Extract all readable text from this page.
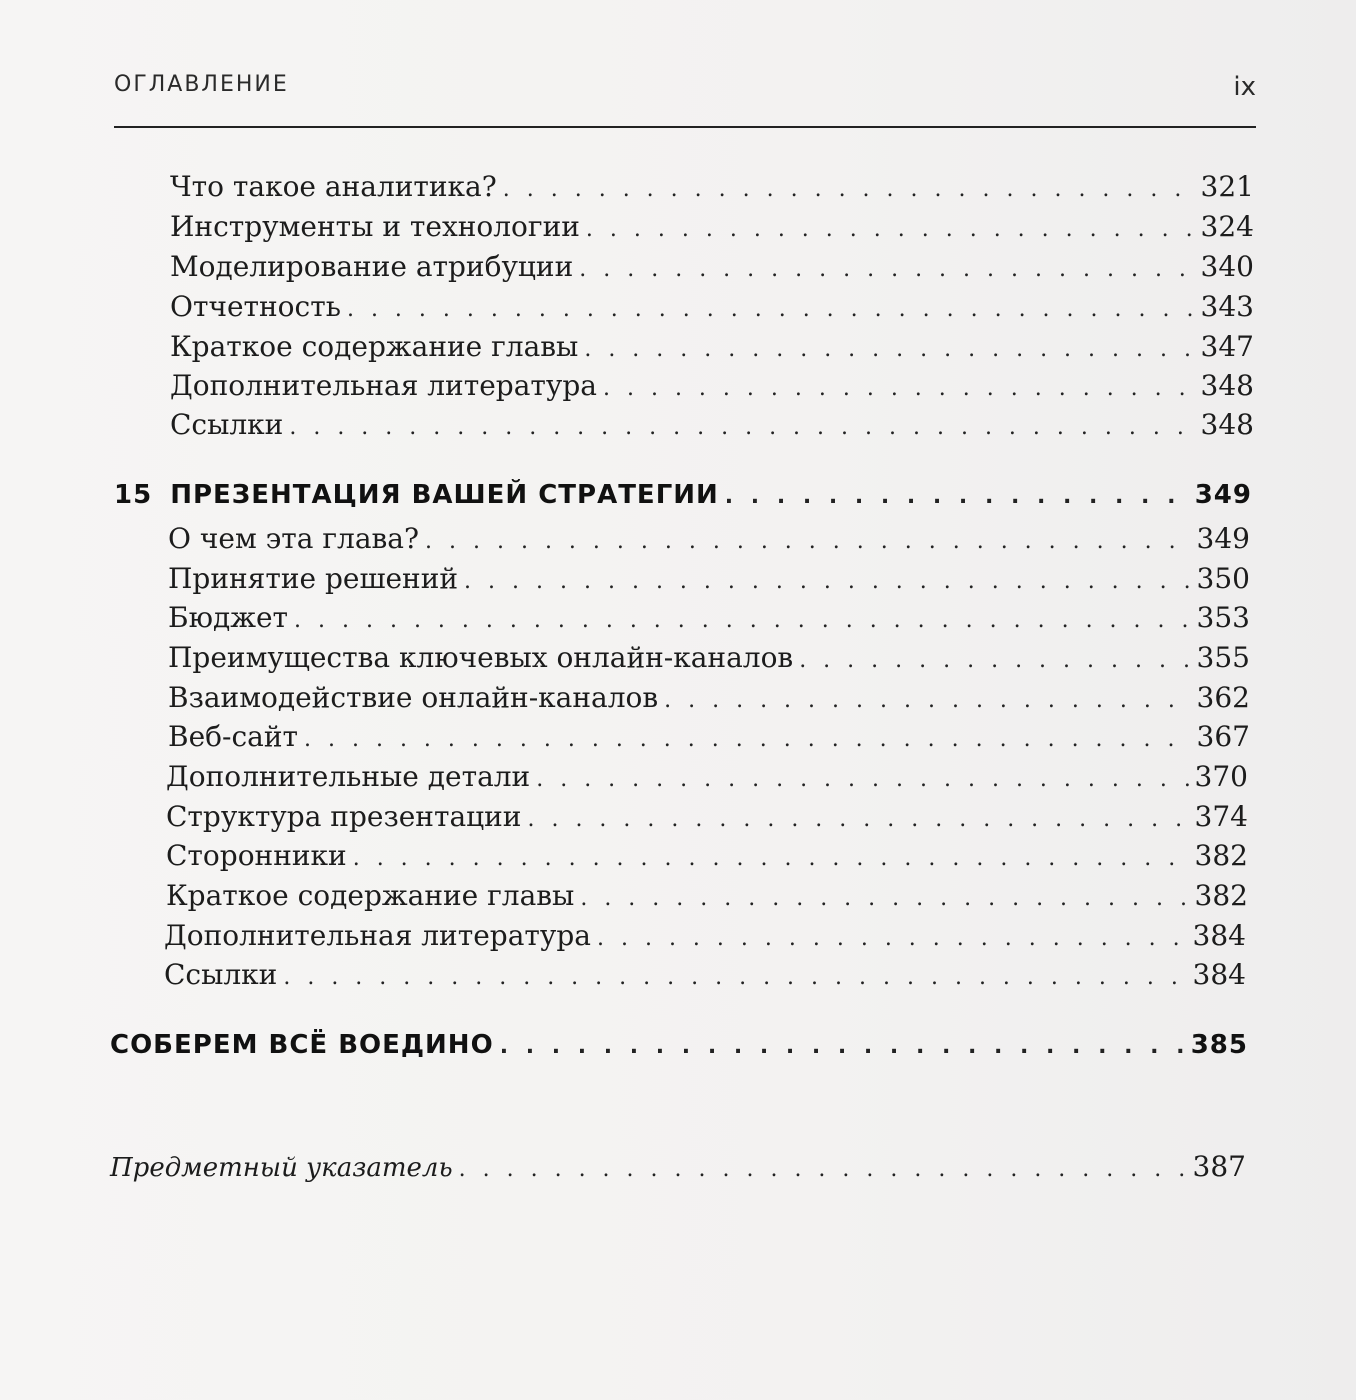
ОГЛАВЛЕНИЕ	ix
Что такое аналитика? . . .	321
Инструменты и технологии . . .	324
Моделирование атрибуции . . .	340
Отчетность . . .	343
Краткое содержание главы . . .	347
Дополнительная литература . . .	348
Ссылки . . .	348
15 ПРЕЗЕНТАЦИЯ ВАШЕЙ СТРАТЕГИИ . . .	349
О чем эта глава? . . .	349
Принятие решений . . .	350
Бюджет . . .	353
Преимущества ключевых онлайн-каналов . . .	355
Взаимодействие онлайн-каналов . . .	362
Веб-сайт . . .	367
Дополнительные детали . . .	370
Структура презентации . . .	374
Сторонники . . .	382
Краткое содержание главы . . .	382
Дополнительная литература . . .	384
Ссылки . . .	384
СОБЕРЕМ ВСЁ ВОЕДИНО . . .	385
Предметный указатель . . .	387
